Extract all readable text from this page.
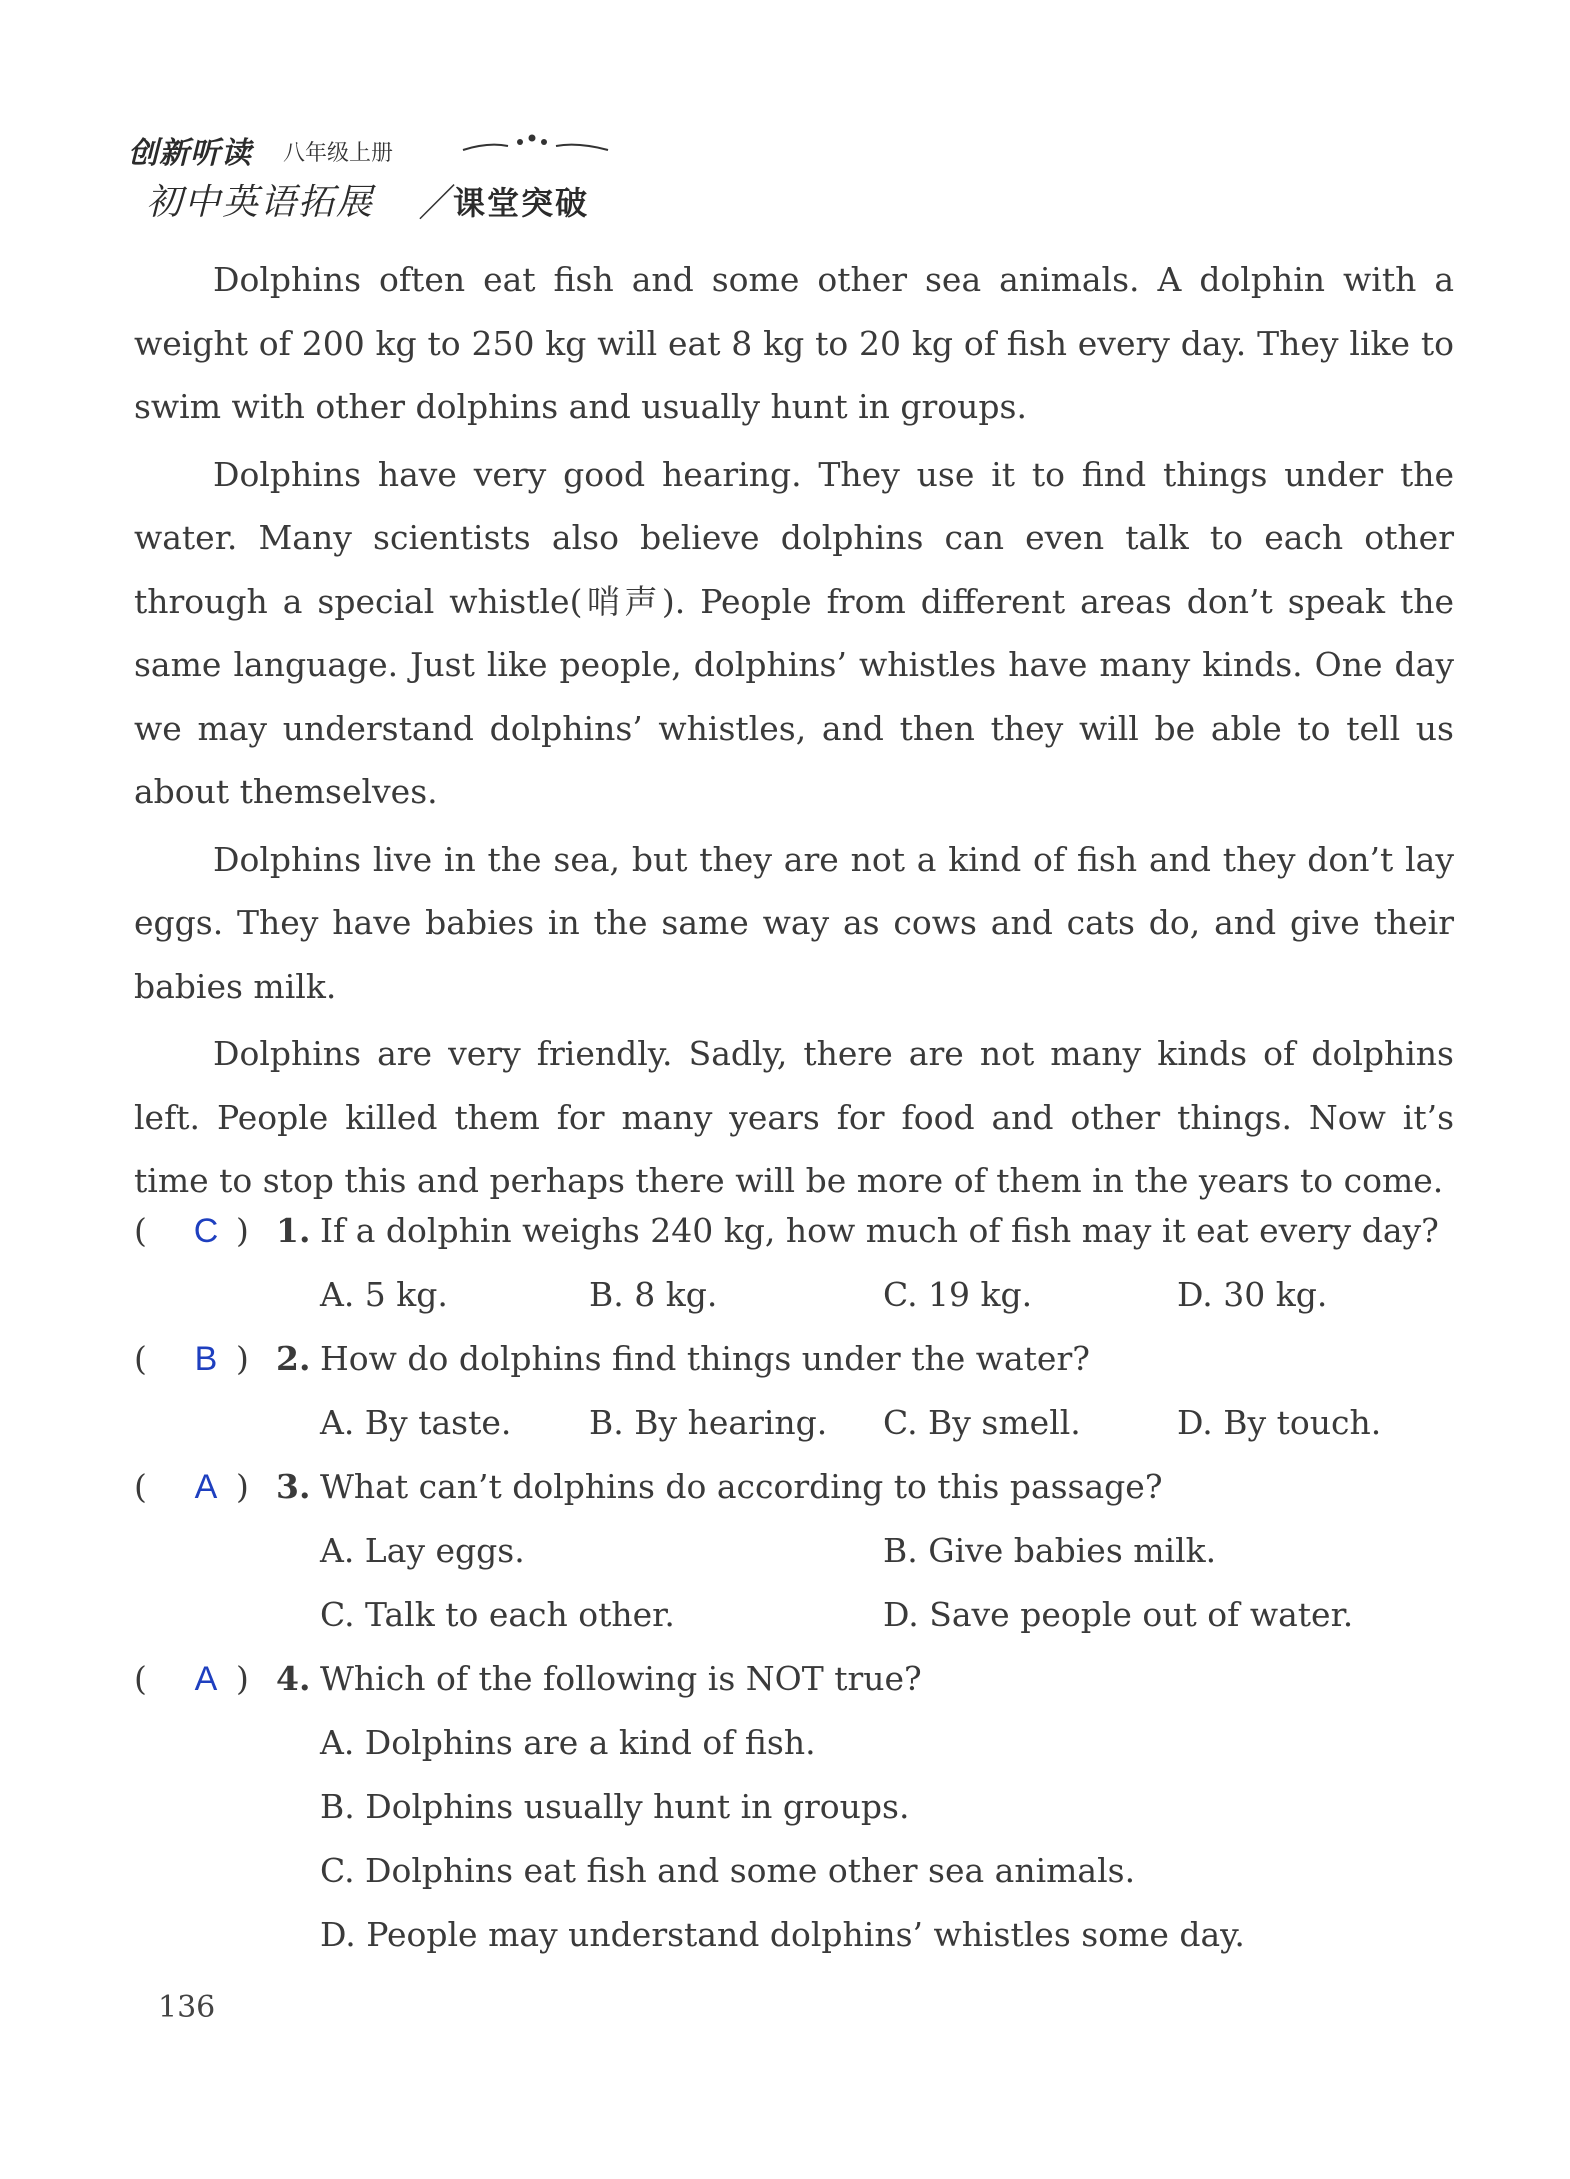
创新听读 八年级上册
初中英语拓展 ／
课堂突破

Dolphins often eat fish and some other sea animals. A dolphin with a weight of 200 kg to 250 kg will eat 8 kg to 20 kg of fish every day. They like to swim with other dolphins and usually hunt in groups.

Dolphins have very good hearing. They use it to find things under the water. Many scientists also believe dolphins can even talk to each other through a special whistle(哨声). People from different areas don’t speak the same language. Just like people, dolphins’ whistles have many kinds. One day we may understand dolphins’ whistles, and then they will be able to tell us about themselves.

Dolphins live in the sea, but they are not a kind of fish and they don’t lay eggs. They have babies in the same way as cows and cats do, and give their babies milk.

Dolphins are very friendly. Sadly, there are not many kinds of dolphins left. People killed them for many years for food and other things. Now it’s time to stop this and perhaps there will be more of them in the years to come.

(	C ) 1. If a dolphin weighs 240 kg, how much of fish may it eat every day?
A. 5 kg.	B. 8 kg.	C. 19 kg.	D. 30 kg.
(	B ) 2. How do dolphins find things under the water?
A. By taste. B. By hearing. C. By smell.	D. By touch.
(	A ) 3. What can’t dolphins do according to this passage?
A. Lay eggs.	B. Give babies milk.
C. Talk to each other.	D. Save people out of water.
(	A ) 4. Which of the following is NOT true?
A. Dolphins are a kind of fish.
B. Dolphins usually hunt in groups.
C. Dolphins eat fish and some other sea animals.
D. People may understand dolphins’ whistles some day.
136
